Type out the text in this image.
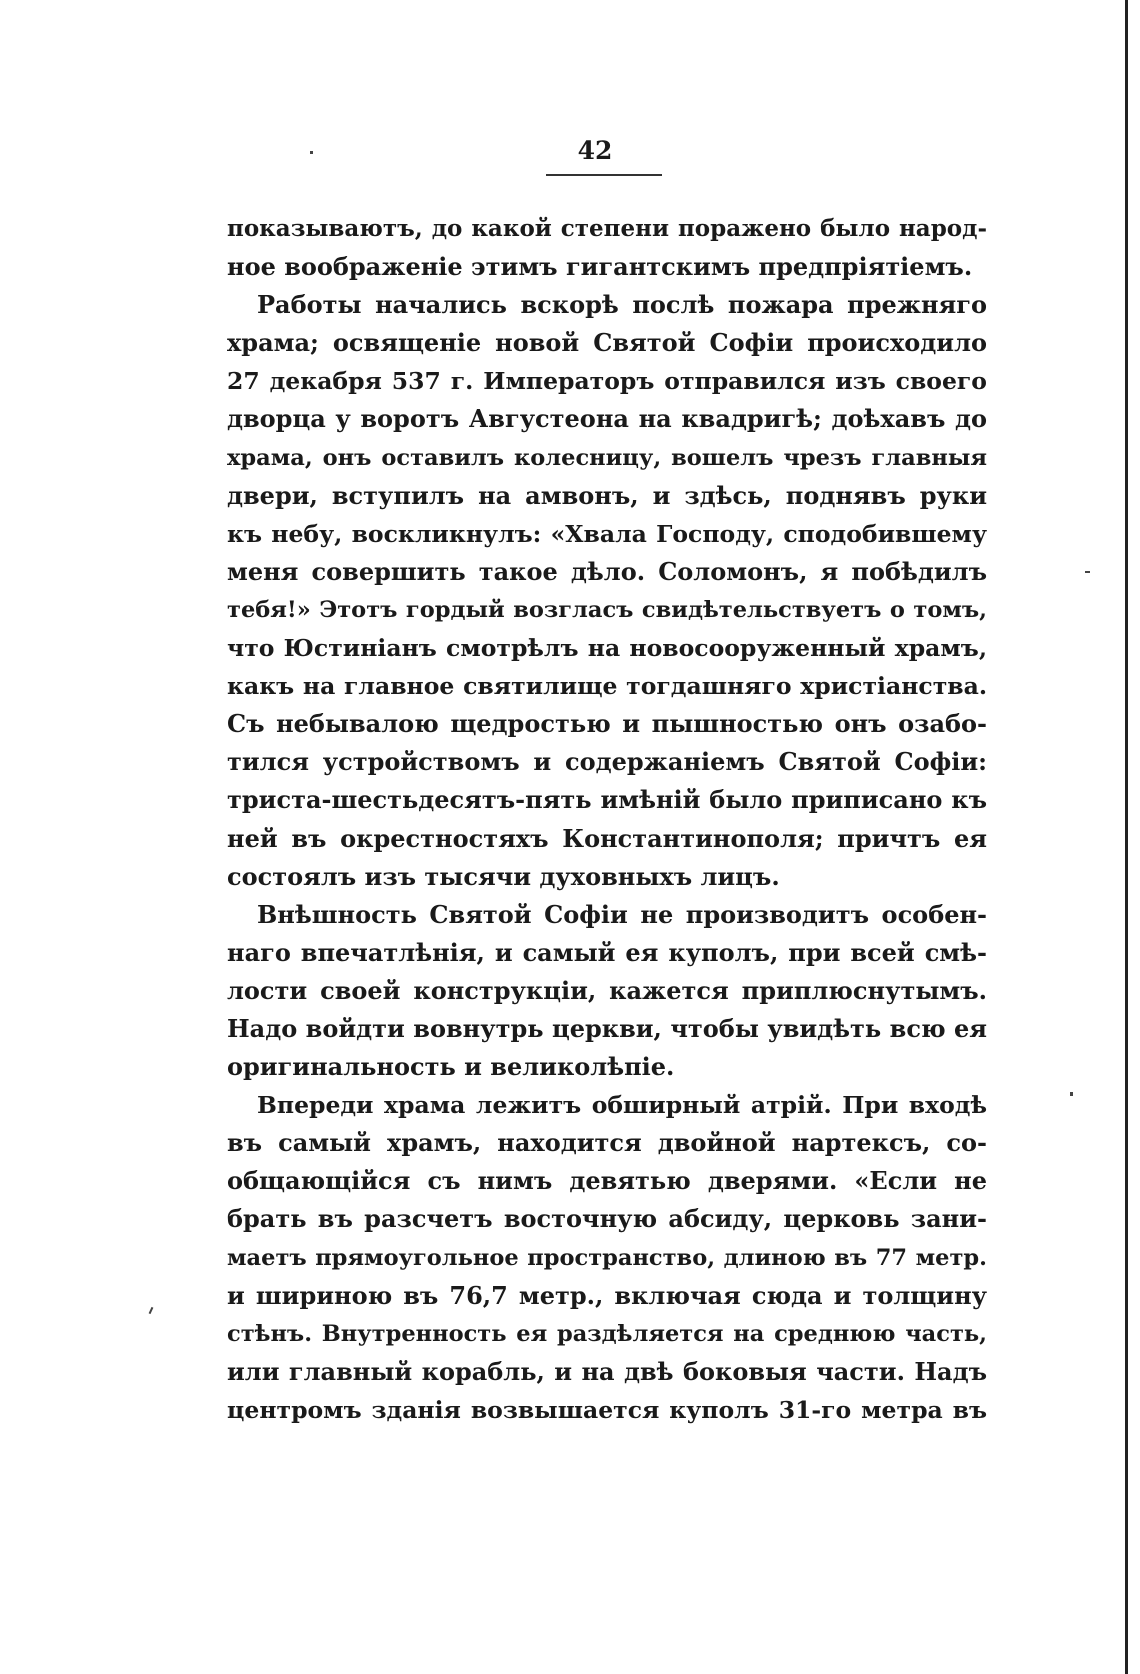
42
показываютъ, до какой степени поражено было народ-
ное воображеніе этимъ гигантскимъ предпріятіемъ.
Работы начались вскорѣ послѣ пожара прежняго
храма; освященіе новой Святой Софіи происходило
27 декабря 537 г. Императоръ отправился изъ своего
дворца у воротъ Августеона на квадригѣ; доѣхавъ до
храма, онъ оставилъ колесницу, вошелъ чрезъ главныя
двери, вступилъ на амвонъ, и здѣсь, поднявъ руки
къ небу, воскликнулъ: «Хвала Господу, сподобившему
меня совершить такое дѣло. Соломонъ, я побѣдилъ
тебя!» Этотъ гордый возгласъ свидѣтельствуетъ о томъ,
что Юстиніанъ смотрѣлъ на новосооруженный храмъ,
какъ на главное святилище тогдашняго христіанства.
Съ небывалою щедростью и пышностью онъ озабо-
тился устройствомъ и содержаніемъ Святой Софіи:
триста-шестьдесятъ-пять имѣній было приписано къ
ней въ окрестностяхъ Константинополя; причтъ ея
состоялъ изъ тысячи духовныхъ лицъ.
Внѣшность Святой Софіи не производитъ особен-
наго впечатлѣнія, и самый ея куполъ, при всей смѣ-
лости своей конструкціи, кажется приплюснутымъ.
Надо войдти вовнутрь церкви, чтобы увидѣть всю ея
оригинальность и великолѣпіе.
Впереди храма лежитъ обширный атрій. При входѣ
въ самый храмъ, находится двойной нартексъ, со-
общающійся съ нимъ девятью дверями. «Если не
брать въ разсчетъ восточную абсиду, церковь зани-
маетъ прямоугольное пространство, длиною въ 77 метр.
и шириною въ 76,7 метр., включая сюда и толщину
стѣнъ. Внутренность ея раздѣляется на среднюю часть,
или главный корабль, и на двѣ боковыя части. Надъ
центромъ зданія возвышается куполъ 31-го метра въ
